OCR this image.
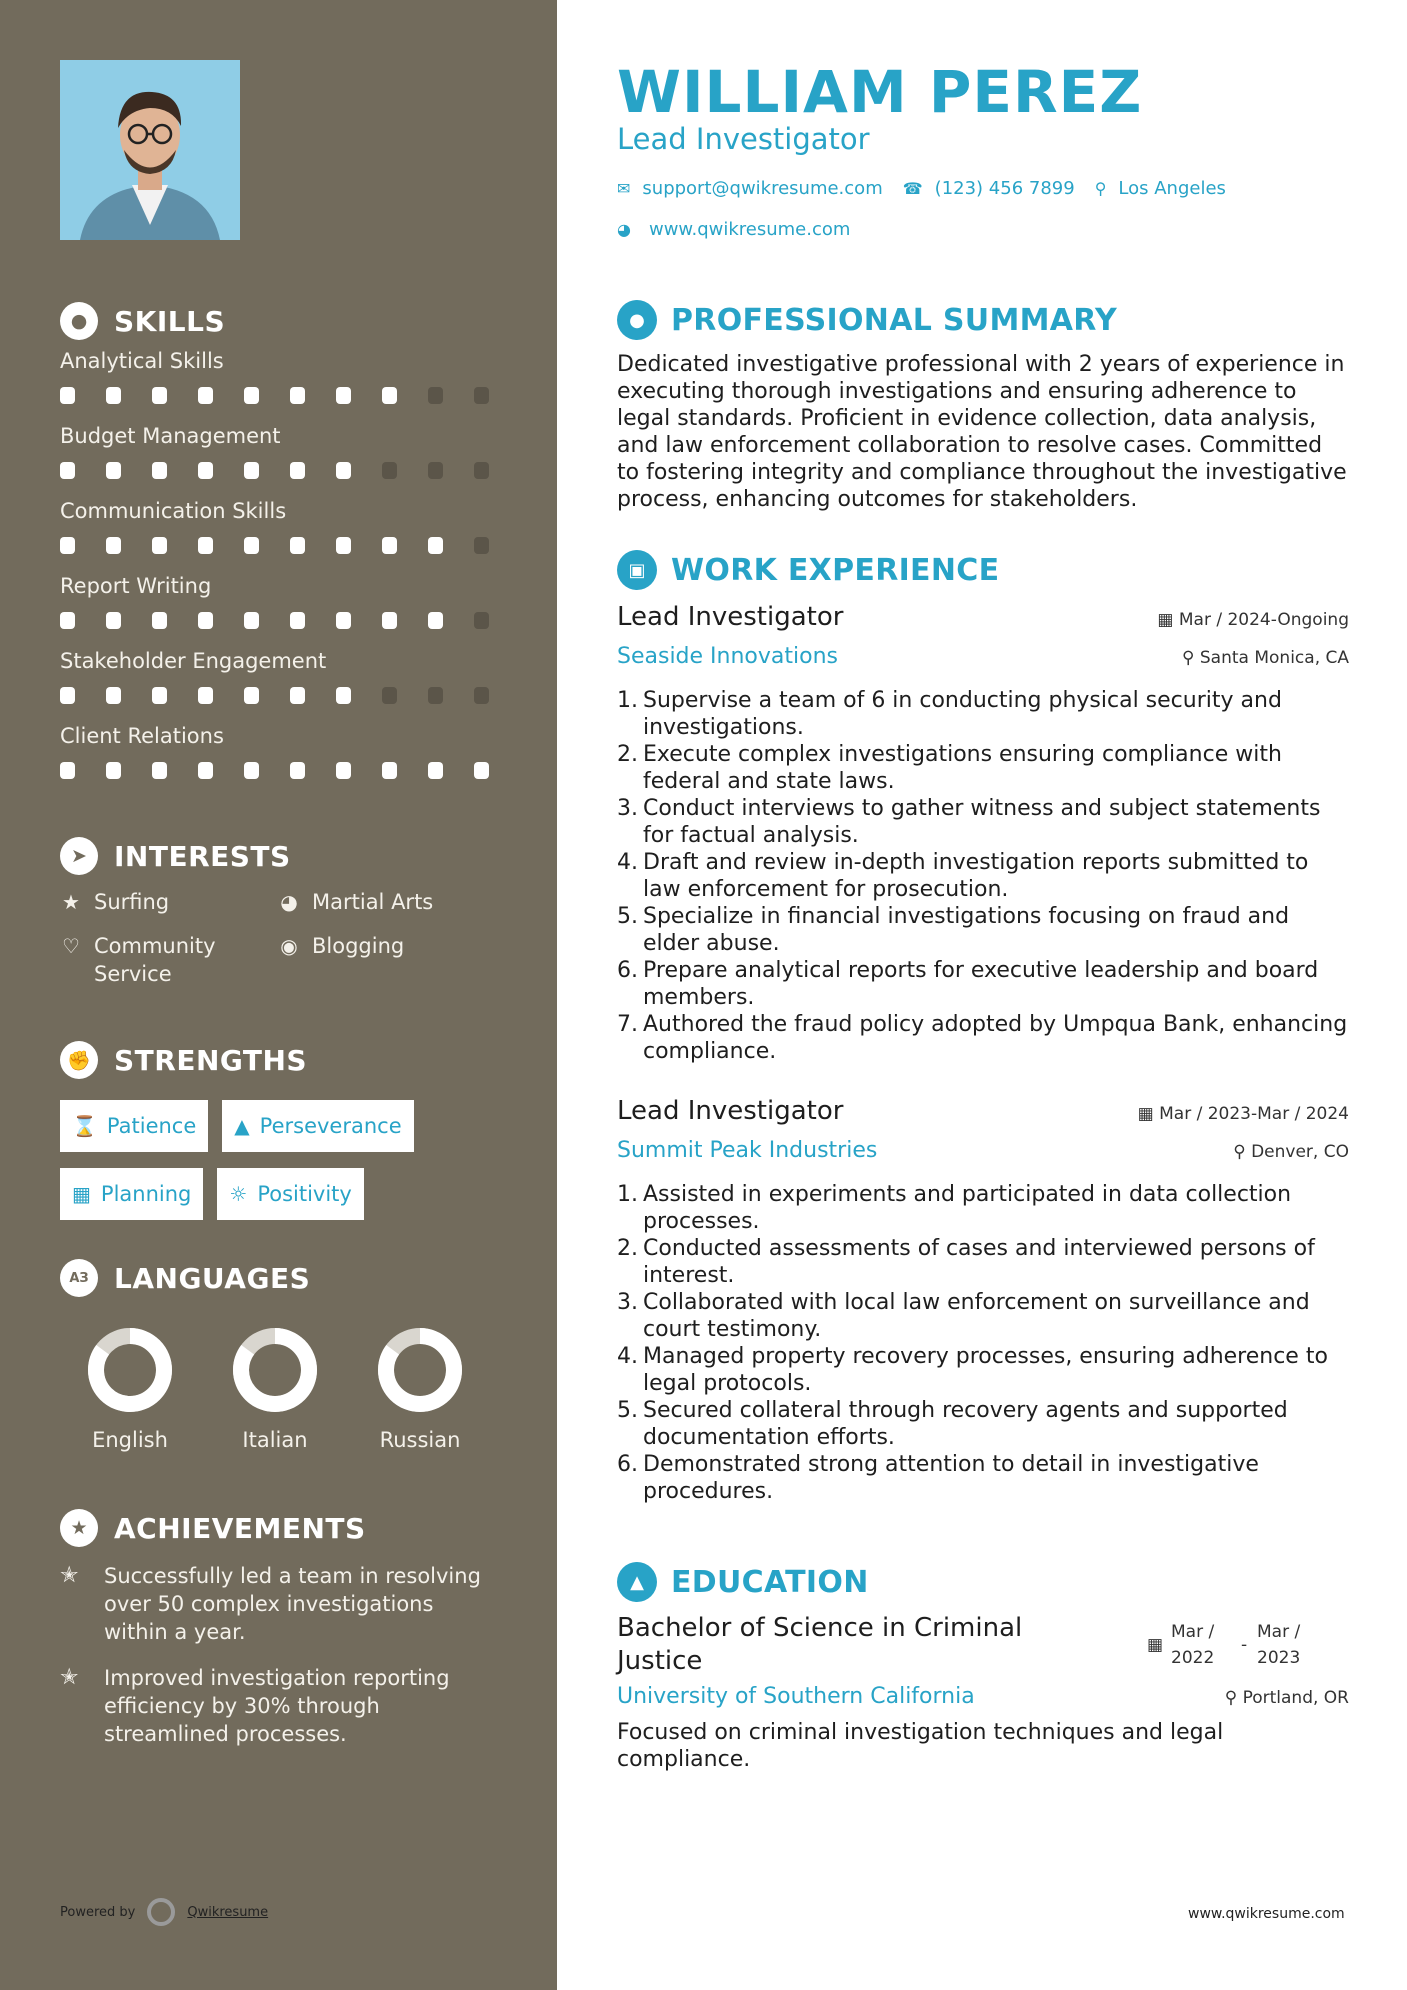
● SKILLS
Analytical Skills
Budget Management
Communication Skills
Report Writing
Stakeholder Engagement
Client Relations
➤ INTERESTS
★ Surfing	◕ Martial Arts
♡ Community Service
◉ Blogging
✊ STRENGTHS
⌛ Patience ▲ Perseverance
▦ Planning ☼ Positivity
AЗ LANGUAGES
English	Italian	Russian
★ ACHIEVEMENTS
✭	Successfully led a team in resolving over 50 complex investigations within a year.
✭	Improved investigation reporting efficiency by 30% through streamlined processes.
Powered by	Qwikresume
WILLIAM PEREZ
Lead Investigator
✉ support@qwikresume.com ☎ (123) 456 7899 ⚲ Los Angeles
◕ www.qwikresume.com
● PROFESSIONAL SUMMARY
Dedicated investigative professional with 2 years of experience in executing thorough investigations and ensuring adherence to legal standards. Proficient in evidence collection, data analysis, and law enforcement collaboration to resolve cases. Committed to fostering integrity and compliance throughout the investigative process, enhancing outcomes for stakeholders.
▣ WORK EXPERIENCE
Lead Investigator	▦ Mar / 2024-Ongoing
Seaside Innovations	⚲ Santa Monica, CA
1. Supervise a team of 6 in conducting physical security and investigations.
2. Execute complex investigations ensuring compliance with federal and state laws.
3. Conduct interviews to gather witness and subject statements for factual analysis.
4. Draft and review in-depth investigation reports submitted to law enforcement for prosecution.
5. Specialize in financial investigations focusing on fraud and elder abuse.
6. Prepare analytical reports for executive leadership and board members.
7. Authored the fraud policy adopted by Umpqua Bank, enhancing compliance.
Lead Investigator	▦ Mar / 2023-Mar / 2024
Summit Peak Industries	⚲ Denver, CO
1. Assisted in experiments and participated in data collection processes.
2. Conducted assessments of cases and interviewed persons of interest.
3. Collaborated with local law enforcement on surveillance and court testimony.
4. Managed property recovery processes, ensuring adherence to legal protocols.
5. Secured collateral through recovery agents and supported documentation efforts.
6. Demonstrated strong attention to detail in investigative procedures.
▲ EDUCATION
Bachelor of Science in Criminal Justice
▦
Mar / 2022
-
Mar / 2023
University of Southern California	⚲ Portland, OR
Focused on criminal investigation techniques and legal compliance.
www.qwikresume.com
